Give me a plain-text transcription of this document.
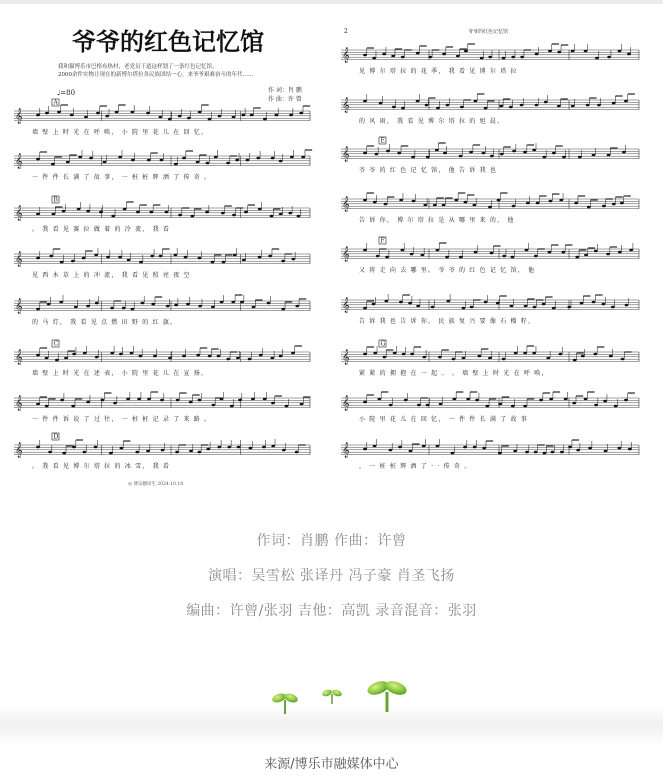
爷爷的红色记忆馆
我和猫博乐市巴格布热村，老党员干道这样划了一条红色记忆馆。
2000余件实物让现在的新博尔塔拉各民族团结一心，来爷爷艰难奋斗的年代……
作 词：肖 鹏
作 曲：许 曾
♩=80
𝄞
A
墙 壁 上 时 光 在 呼 唤， 小 院 里 花 儿 在 回 忆，
𝄞
一 件 件 长 满 了 故 事， 一 桩 桩 辉 洒 了 传 奇 。
𝄞
B
。 我 看 见 赛 拉 做 着 的 冷 流， 我 看
𝄞
见 西 木 草 上 的 冲 流， 我 看 见 照 亮 夜 空
𝄞
的 马 灯， 我 看 见 点 燃 田 野 的 红 旗。
𝄞
C
墙 壁 上 时 光 在 述 表， 小 院 里 花 儿 在 宣 扬，
𝄞
一 件 件 诉 说 了 过 往， 一 桩 桩 记 录 了 来 路 。
𝄞
D
。 我 看 见 博 尔 塔 拉 的 冰 雪， 我 看
◎ 博乐翻译生 2024.10.18
2	爷爷的红色记忆馆
𝄞
见 博 尔 塔 拉 的 花 季， 我 看 见 博 尔 塔 拉
𝄞
的 风 雨， 我 看 见 博 尔 塔 拉 的 旭 晨。
𝄞
E
爷 爷 的 红 色 记 忆 馆， 他 告 诉 我 也
𝄞
告 诉 你， 博 尔 塔 拉 是 从 哪 里 来 的， 他
𝄞
F
又 将 走 向 去 哪 里。 爷 爷 的 红 色 记 忆 馆， 他
𝄞
告 诉 我 也 告 诉 你， 民 族 复 兴 要 像 石 榴 籽，
𝄞
G
紧 紧 的 拥 抱 在 一 起 。 。 墙 壁 上 时 光 在 呼 唤，
𝄞
小 院 里 花 儿 在 回 忆， 一 件 件 长 满 了 故 事
𝄞
， 一 桩 桩 辉 洒 了 · · 传 奇 。
作词：肖鹏 作曲：许曾
演唱：吴雪松 张译丹 冯子豪 肖圣飞扬
编曲：许曾/张羽 吉他：高凯 录音混音：张羽
来源/博乐市融媒体中心
